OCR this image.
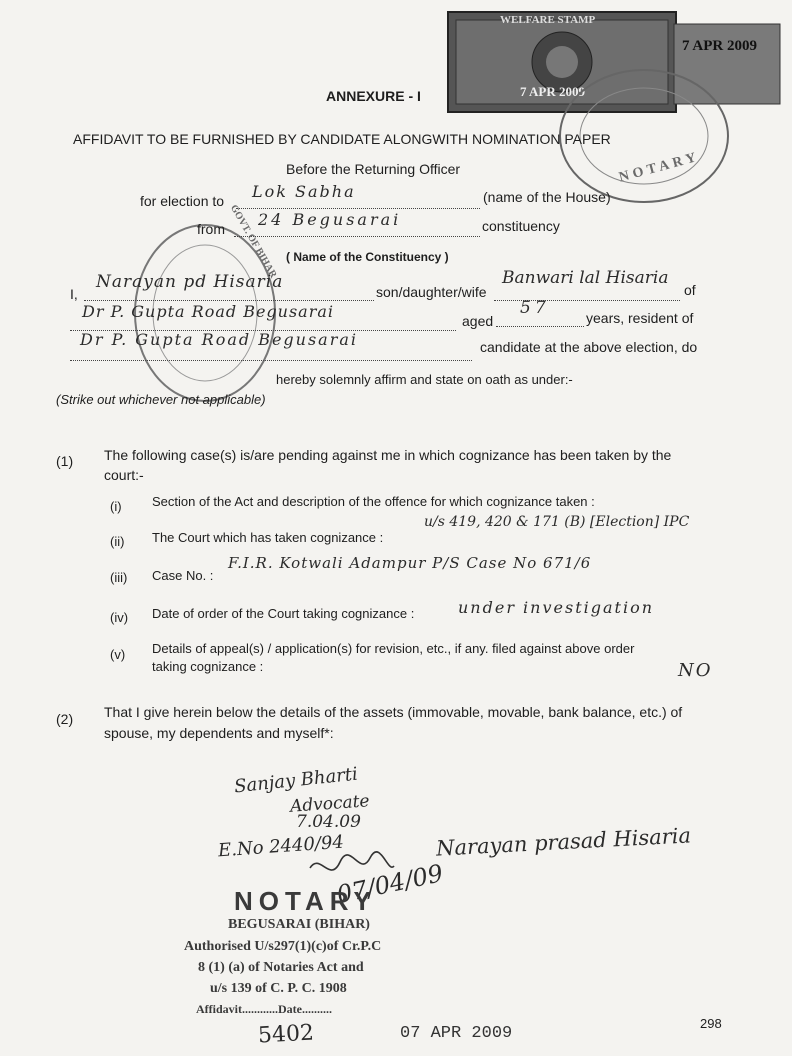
WELFARE STAMP
7 APR 2009
7 APR 2009
NOTARY
GOVT. OF BIHAR
ANNEXURE - I
AFFIDAVIT TO BE FURNISHED BY CANDIDATE ALONGWITH NOMINATION PAPER
Before the Returning Officer
for election to Lok Sabha	(name of the House)
from 24 Begusarai	constituency
( Name of the Constituency )
I,
Narayan pd Hisaria	son/daughter/wife
Banwari lal Hisaria
of
Dr P. Gupta Road Begusarai	aged
57	years, resident of
Dr P. Gupta Road Begusarai	candidate at the above election, do
hereby solemnly affirm and state on oath as under:-
(Strike out whichever not applicable)
(1) The following case(s) is/are pending against me in which cognizance has been taken by the
court:-
(i) Section of the Act and description of the offence for which cognizance taken :
(ii) The Court which has taken cognizance :
u/s 419, 420 & 171 (B) [Election] IPC
(iii) Case No. :
F.I.R. Kotwali Adampur P/S Case No 671/6
(iv) Date of order of the Court taking cognizance :	under investigation
(v) Details of appeal(s) / application(s) for revision, etc., if any. filed against above order
taking cognizance :	NO
(2) That I give herein below the details of the assets (immovable, movable, bank balance, etc.) of
spouse, my dependents and myself*:
Sanjay Bharti
Advocate
7.04.09
E.No 2440/94	Narayan prasad Hisaria
07/04/09
NOTARY
BEGUSARAI (BIHAR)
Authorised U/s297(1)(c)of Cr.P.C
8 (1) (a) of Notaries Act and
u/s 139 of C. P. C. 1908
Affidavit............Date..........
5402	07 APR 2009
298
